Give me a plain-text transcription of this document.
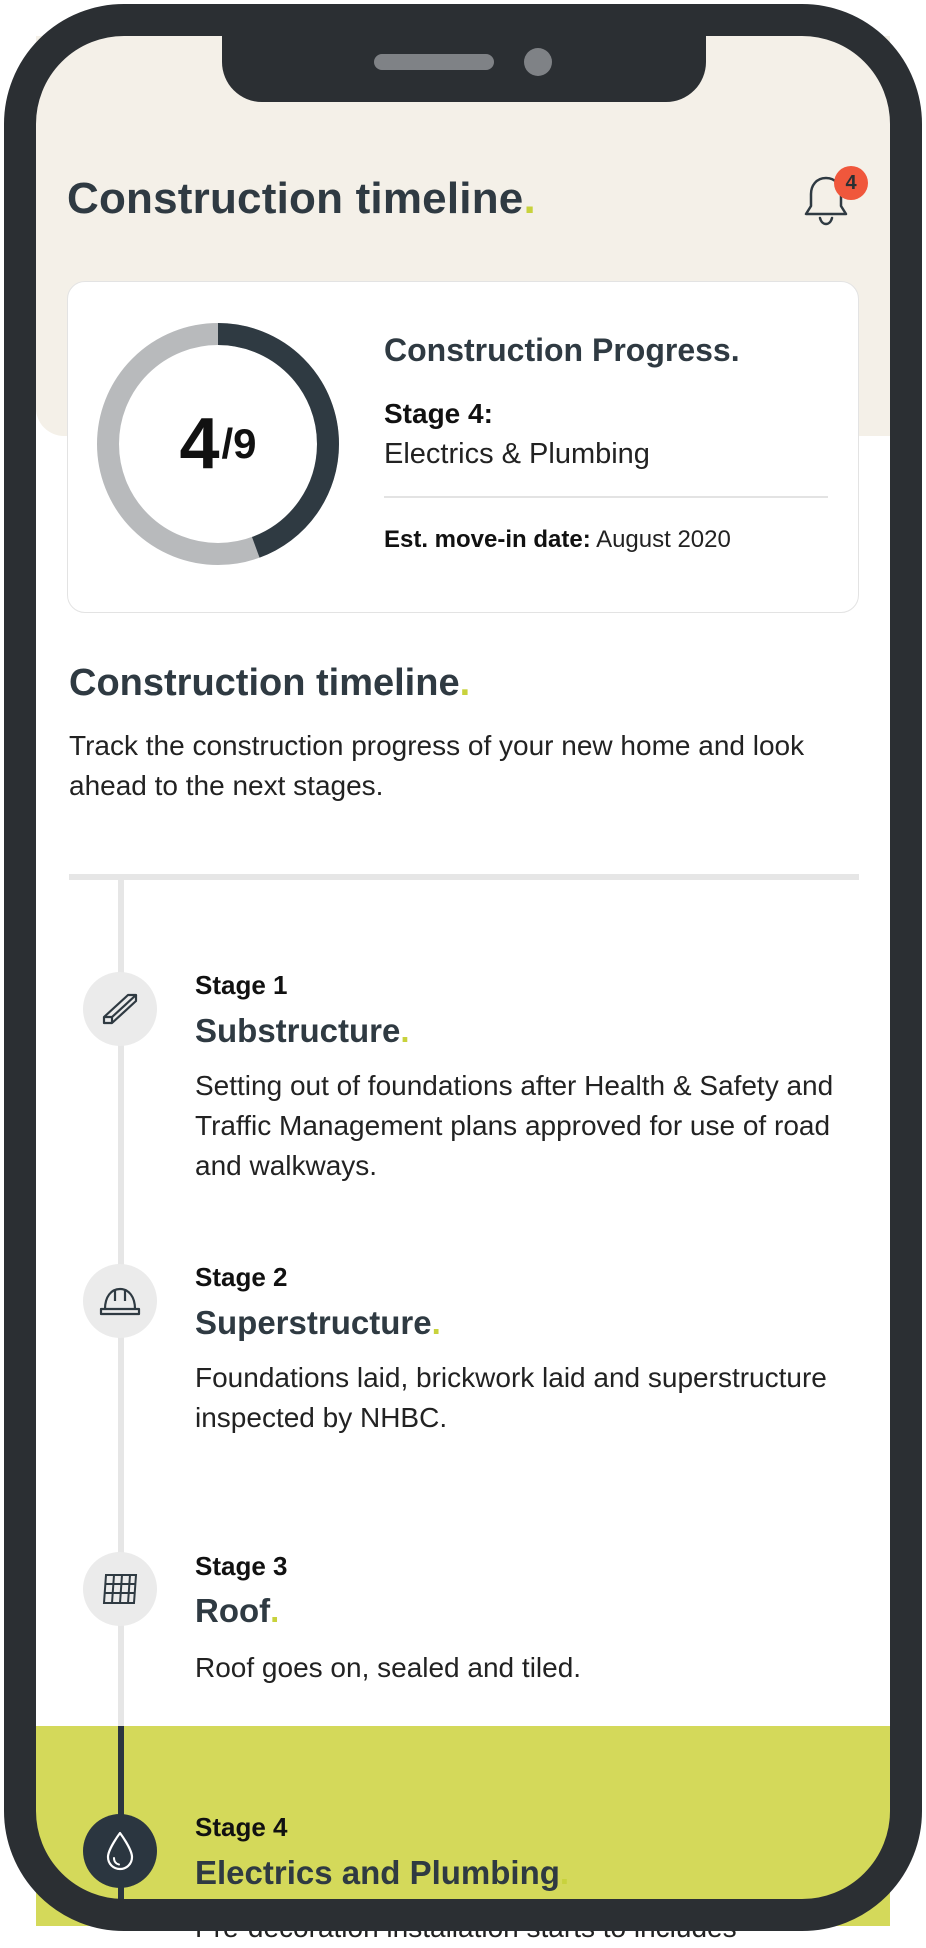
Construction timeline.	4
4 /9
Construction Progress.
Stage 4:
Electrics & Plumbing
Est. move-in date: August 2020
Construction timeline.
Track the construction progress of your new home and look ahead to the next stages.
Stage 1
Substructure.
Setting out of foundations after Health & Safety and Traffic Management plans approved for use of road and walkways.
Stage 2
Superstructure.
Foundations laid, brickwork laid and superstructure inspected by NHBC.
Stage 3
Roof.
Roof goes on, sealed and tiled.
Stage 4
Electrics and Plumbing.
Pre-decoration installation starts to includes
